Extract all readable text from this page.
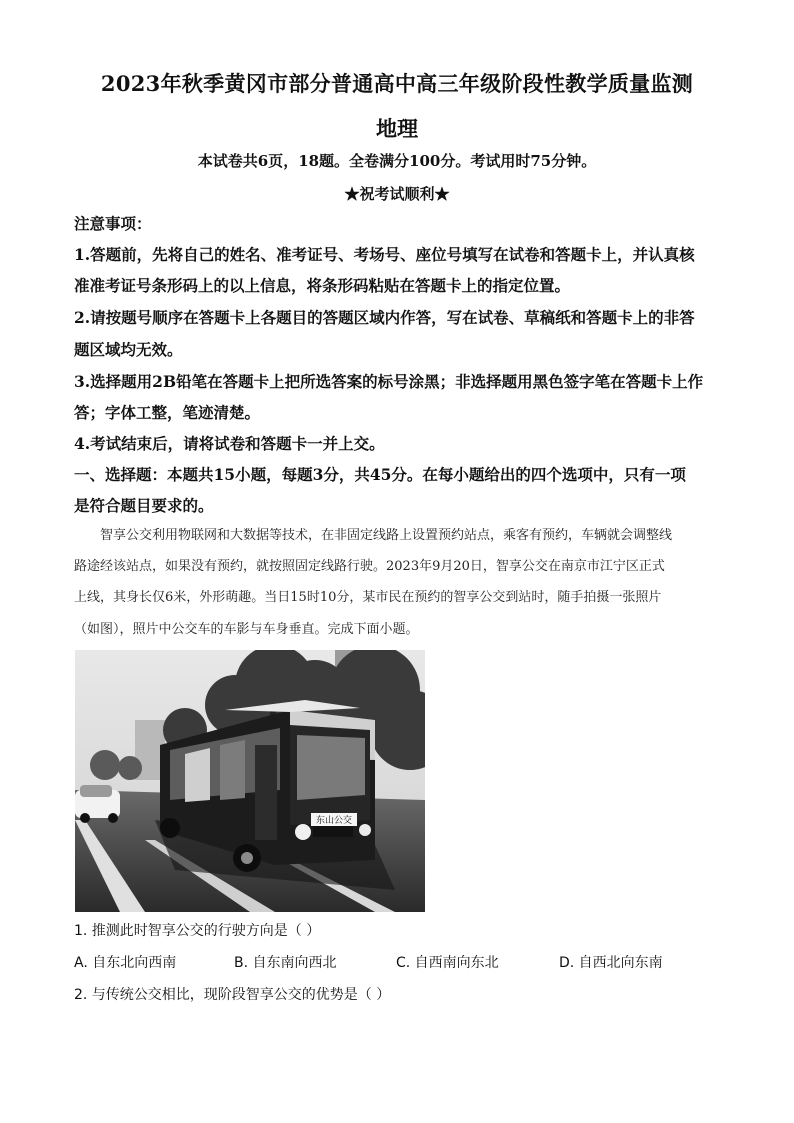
2023年秋季黄冈市部分普通高中高三年级阶段性教学质量监测
地理
本试卷共6页，18题。全卷满分100分。考试用时75分钟。
★祝考试顺利★
注意事项：
1.答题前，先将自己的姓名、准考证号、考场号、座位号填写在试卷和答题卡上，并认真核
准准考证号条形码上的以上信息，将条形码粘贴在答题卡上的指定位置。
2.请按题号顺序在答题卡上各题目的答题区域内作答，写在试卷、草稿纸和答题卡上的非答
题区域均无效。
3.选择题用2B铅笔在答题卡上把所选答案的标号涂黑；非选择题用黑色签字笔在答题卡上作
答；字体工整，笔迹清楚。
4.考试结束后，请将试卷和答题卡一并上交。
一、选择题：本题共15小题，每题3分，共45分。在每小题给出的四个选项中，只有一项
是符合题目要求的。
智享公交利用物联网和大数据等技术，在非固定线路上设置预约站点，乘客有预约，车辆就会调整线
路途经该站点，如果没有预约，就按照固定线路行驶。2023年9月20日，智享公交在南京市江宁区正式
上线，其身长仅6米，外形萌趣。当日15时10分，某市民在预约的智享公交到站时，随手拍摄一张照片
（如图），照片中公交车的车影与车身垂直。完成下面小题。
东山公交
1. 推测此时智享公交的行驶方向是（ ）
A. 自东北向西南	B. 自东南向西北	C. 自西南向东北	D. 自西北向东南
2. 与传统公交相比，现阶段智享公交的优势是（ ）
